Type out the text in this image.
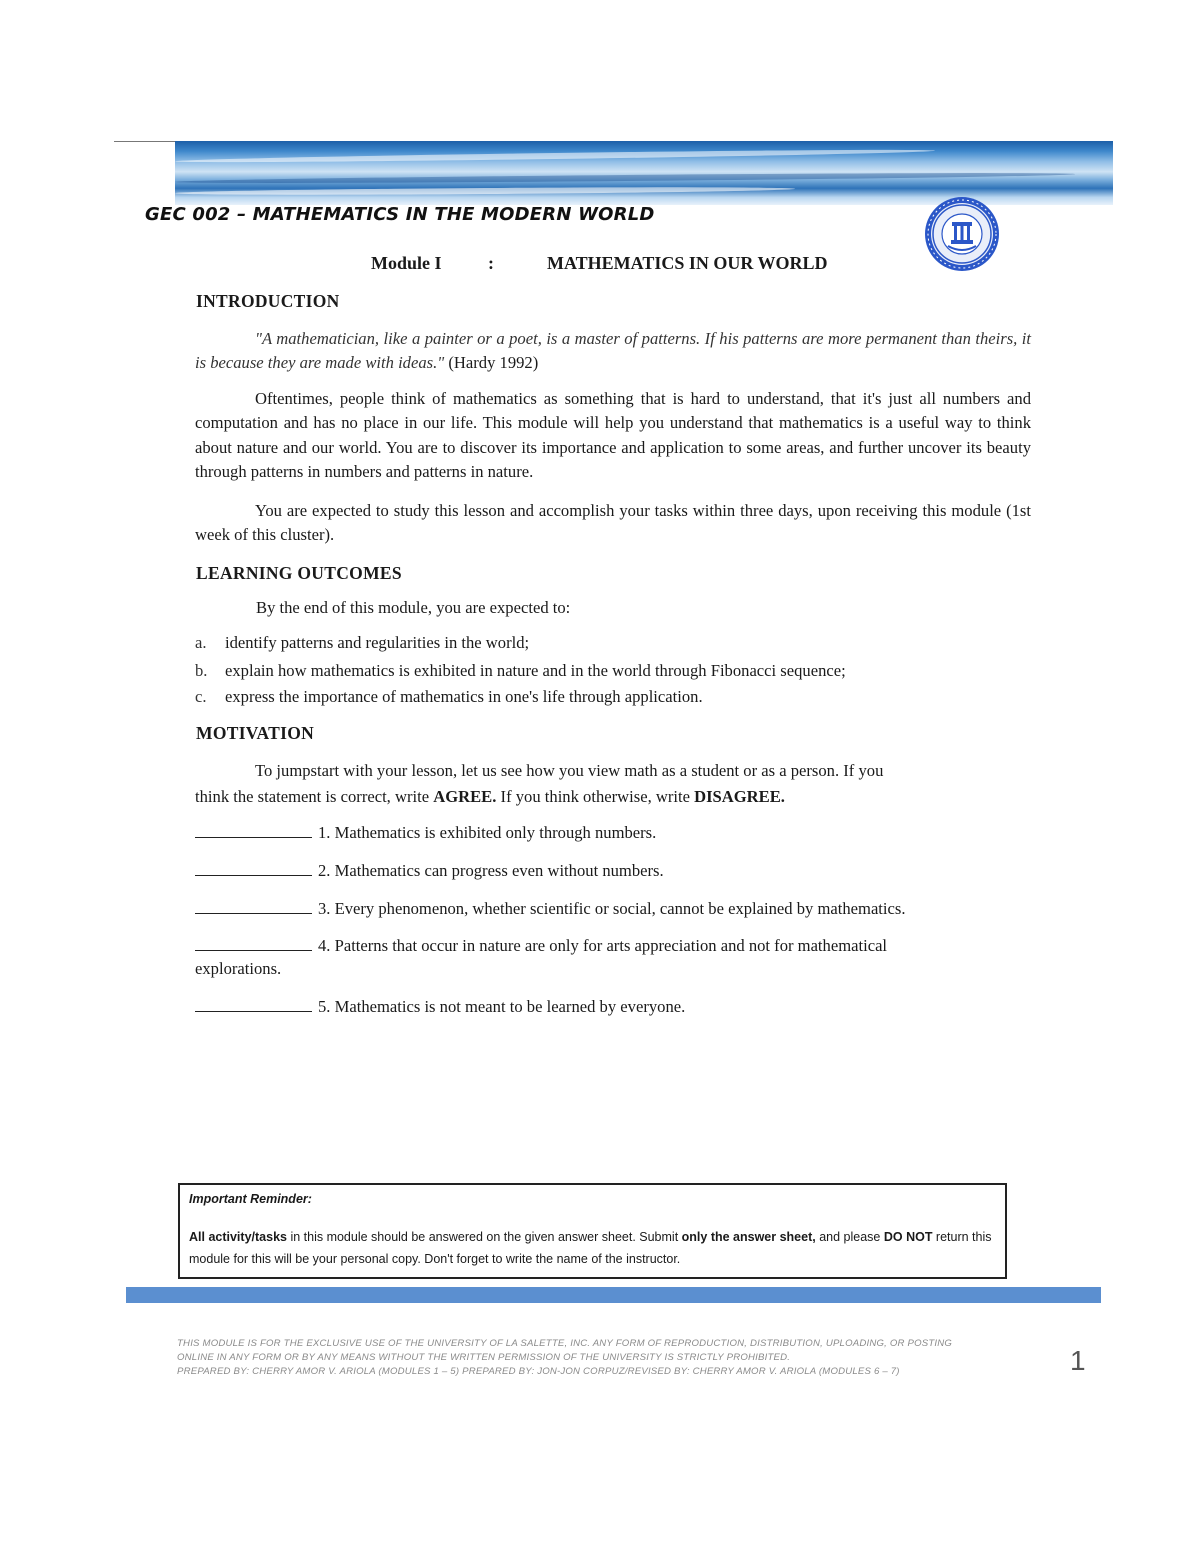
GEC 002 – MATHEMATICS IN THE MODERN WORLD
Module I	:	MATHEMATICS IN OUR WORLD
INTRODUCTION

"A mathematician, like a painter or a poet, is a master of patterns. If his patterns are more permanent than theirs, it is because they are made with ideas." (Hardy 1992)

Oftentimes, people think of mathematics as something that is hard to understand, that it's just all numbers and computation and has no place in our life. This module will help you understand that mathematics is a useful way to think about nature and our world. You are to discover its importance and application to some areas, and further uncover its beauty through patterns in numbers and patterns in nature.

You are expected to study this lesson and accomplish your tasks within three days, upon receiving this module (1st week of this cluster).

LEARNING OUTCOMES
By the end of this module, you are expected to:
a. identify patterns and regularities in the world;
b. explain how mathematics is exhibited in nature and in the world through Fibonacci sequence;
c. express the importance of mathematics in one's life through application.
MOTIVATION
To jumpstart with your lesson, let us see how you view math as a student or as a person. If you
think the statement is correct, write AGREE. If you think otherwise, write DISAGREE.
1. Mathematics is exhibited only through numbers.
2. Mathematics can progress even without numbers.
3. Every phenomenon, whether scientific or social, cannot be explained by mathematics.
4. Patterns that occur in nature are only for arts appreciation and not for mathematical
explorations.
5. Mathematics is not meant to be learned by everyone.
Important Reminder:

All activity/tasks in this module should be answered on the given answer sheet. Submit only the answer sheet, and please DO NOT return this module for this will be your personal copy. Don't forget to write the name of the instructor.

THIS MODULE IS FOR THE EXCLUSIVE USE OF THE UNIVERSITY OF LA SALETTE, INC. ANY FORM OF REPRODUCTION, DISTRIBUTION, UPLOADING, OR POSTING
ONLINE IN ANY FORM OR BY ANY MEANS WITHOUT THE WRITTEN PERMISSION OF THE UNIVERSITY IS STRICTLY PROHIBITED.
PREPARED BY: CHERRY AMOR V. ARIOLA (MODULES 1 – 5) PREPARED BY: JON-JON CORPUZ/REVISED BY: CHERRY AMOR V. ARIOLA (MODULES 6 – 7)	1
